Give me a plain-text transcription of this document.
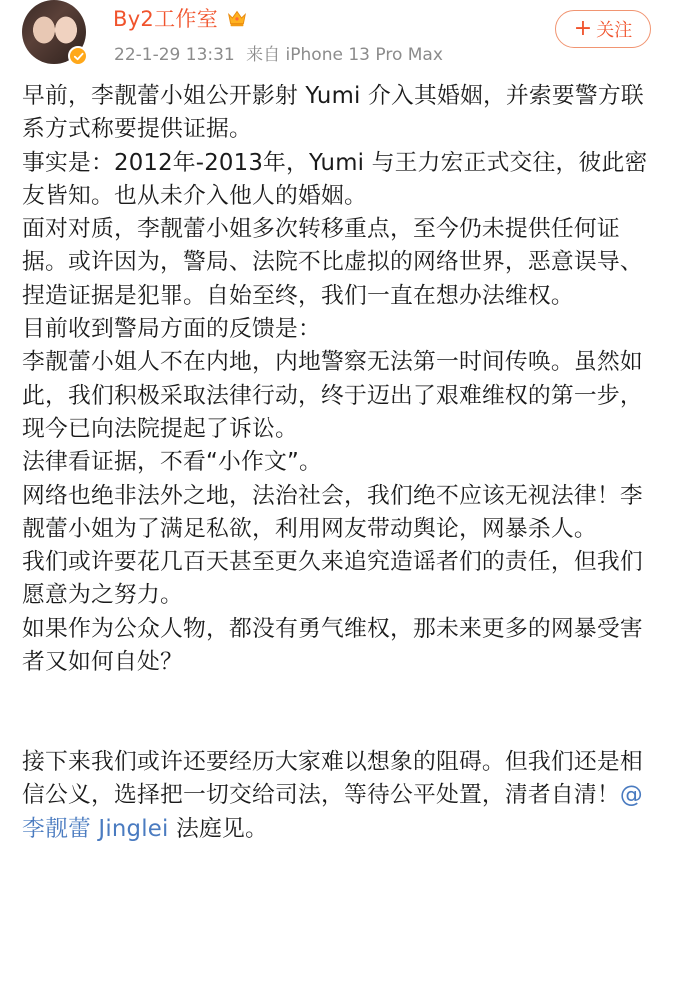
By2工作室
22-1-29 13:31 来自 iPhone 13 Pro Max
+ 关注

早前，李靓蕾小姐公开影射 Yumi 介入其婚姻，并索要警方联系方式称要提供证据。

事实是：2012年-2013年，Yumi 与王力宏正式交往，彼此密友皆知。也从未介入他人的婚姻。

面对对质，李靓蕾小姐多次转移重点，至今仍未提供任何证据。或许因为，警局、法院不比虚拟的网络世界，恶意误导、捏造证据是犯罪。自始至终，我们一直在想办法维权。

目前收到警局方面的反馈是：

李靓蕾小姐人不在内地，内地警察无法第一时间传唤。虽然如此，我们积极采取法律行动，终于迈出了艰难维权的第一步，现今已向法院提起了诉讼。

法律看证据，不看“小作文”。

网络也绝非法外之地，法治社会，我们绝不应该无视法律！李靓蕾小姐为了满足私欲，利用网友带动舆论，网暴杀人。

我们或许要花几百天甚至更久来追究造谣者们的责任，但我们愿意为之努力。

如果作为公众人物，都没有勇气维权，那未来更多的网暴受害者又如何自处？

接下来我们或许还要经历大家难以想象的阻碍。但我们还是相信公义，选择把一切交给司法，等待公平处置，清者自清！@李靓蕾 Jinglei 法庭见。
